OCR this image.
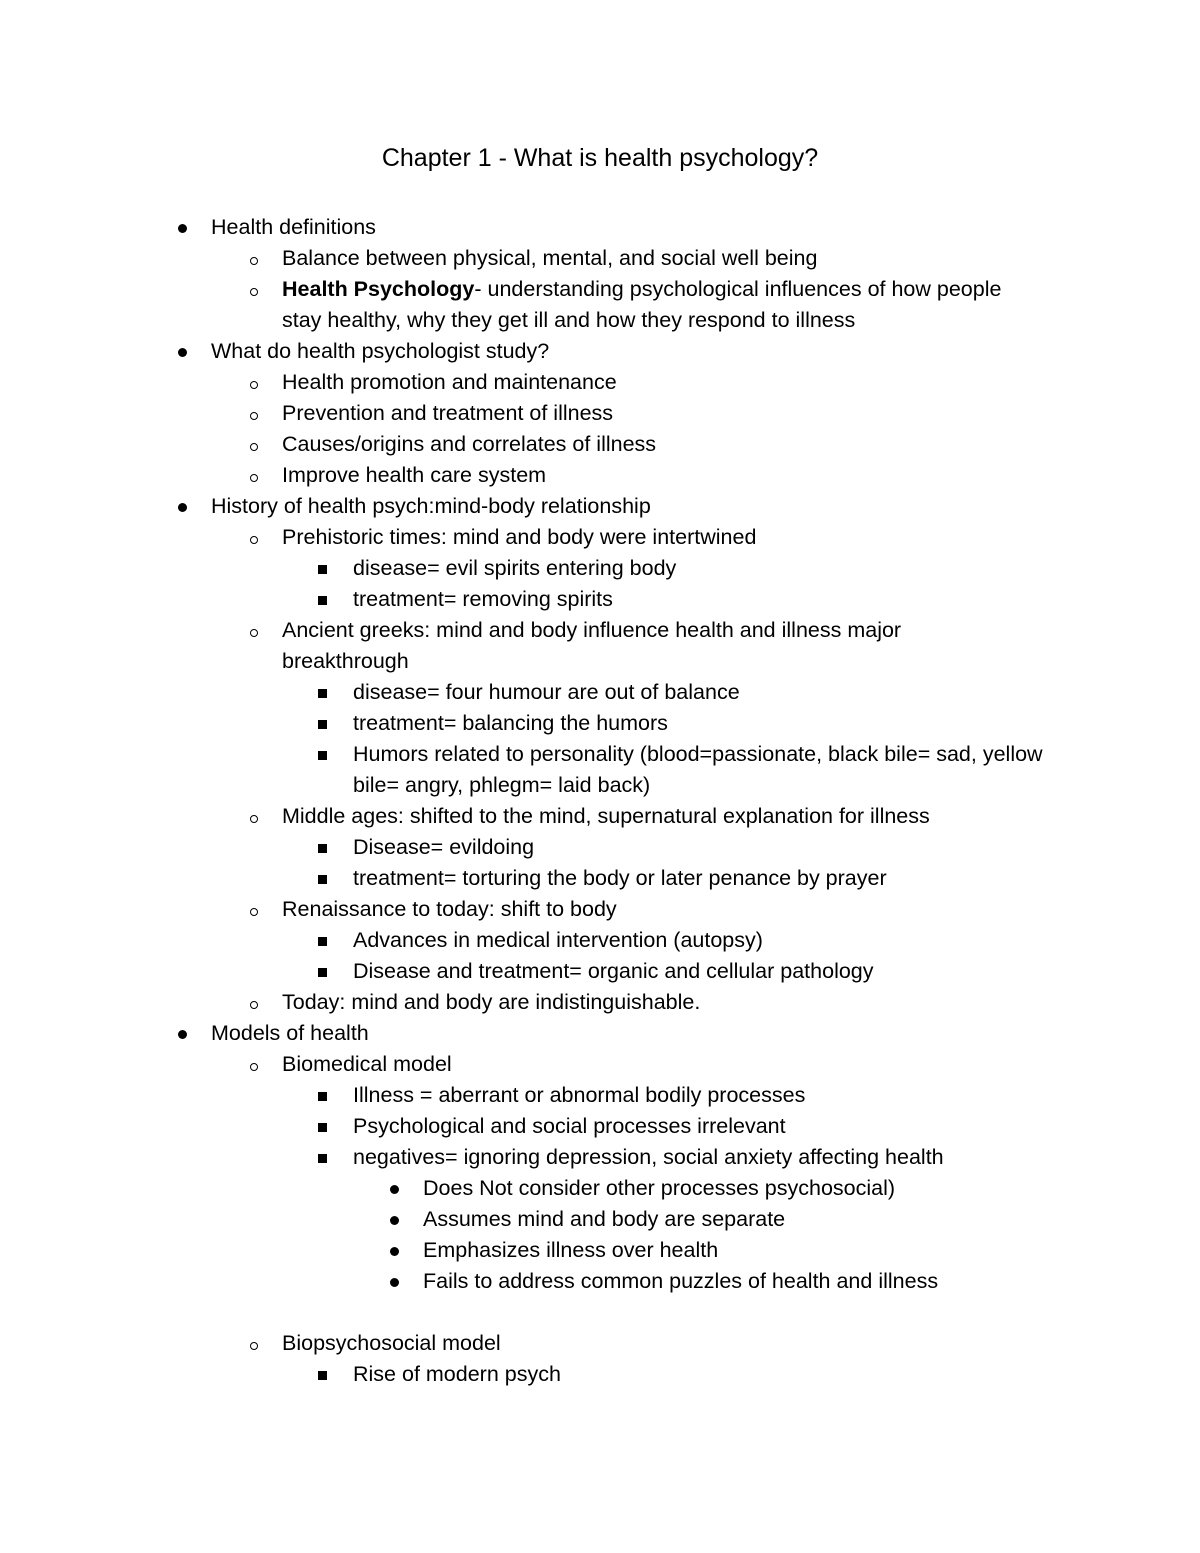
Chapter 1 - What is health psychology?
Health definitions
Balance between physical, mental, and social well being
Health Psychology- understanding psychological influences of how people stay healthy, why they get ill and how they respond to illness
What do health psychologist study?
Health promotion and maintenance
Prevention and treatment of illness
Causes/origins and correlates of illness
Improve health care system
History of health psych:mind-body relationship
Prehistoric times: mind and body were intertwined
disease= evil spirits entering body
treatment= removing spirits
Ancient greeks: mind and body influence health and illness major breakthrough
disease= four humour are out of balance
treatment= balancing the humors
Humors related to personality (blood=passionate, black bile= sad, yellow bile= angry, phlegm= laid back)
Middle ages: shifted to the mind, supernatural explanation for illness
Disease= evildoing
treatment= torturing the body or later penance by prayer
Renaissance to today: shift to body
Advances in medical intervention (autopsy)
Disease and treatment= organic and cellular pathology
Today: mind and body are indistinguishable.
Models of health
Biomedical model
Illness = aberrant or abnormal bodily processes
Psychological and social processes irrelevant
negatives= ignoring depression, social anxiety affecting health
Does Not consider other processes psychosocial)
Assumes mind and body are separate
Emphasizes illness over health
Fails to address common puzzles of health and illness
Biopsychosocial model
Rise of modern psych
